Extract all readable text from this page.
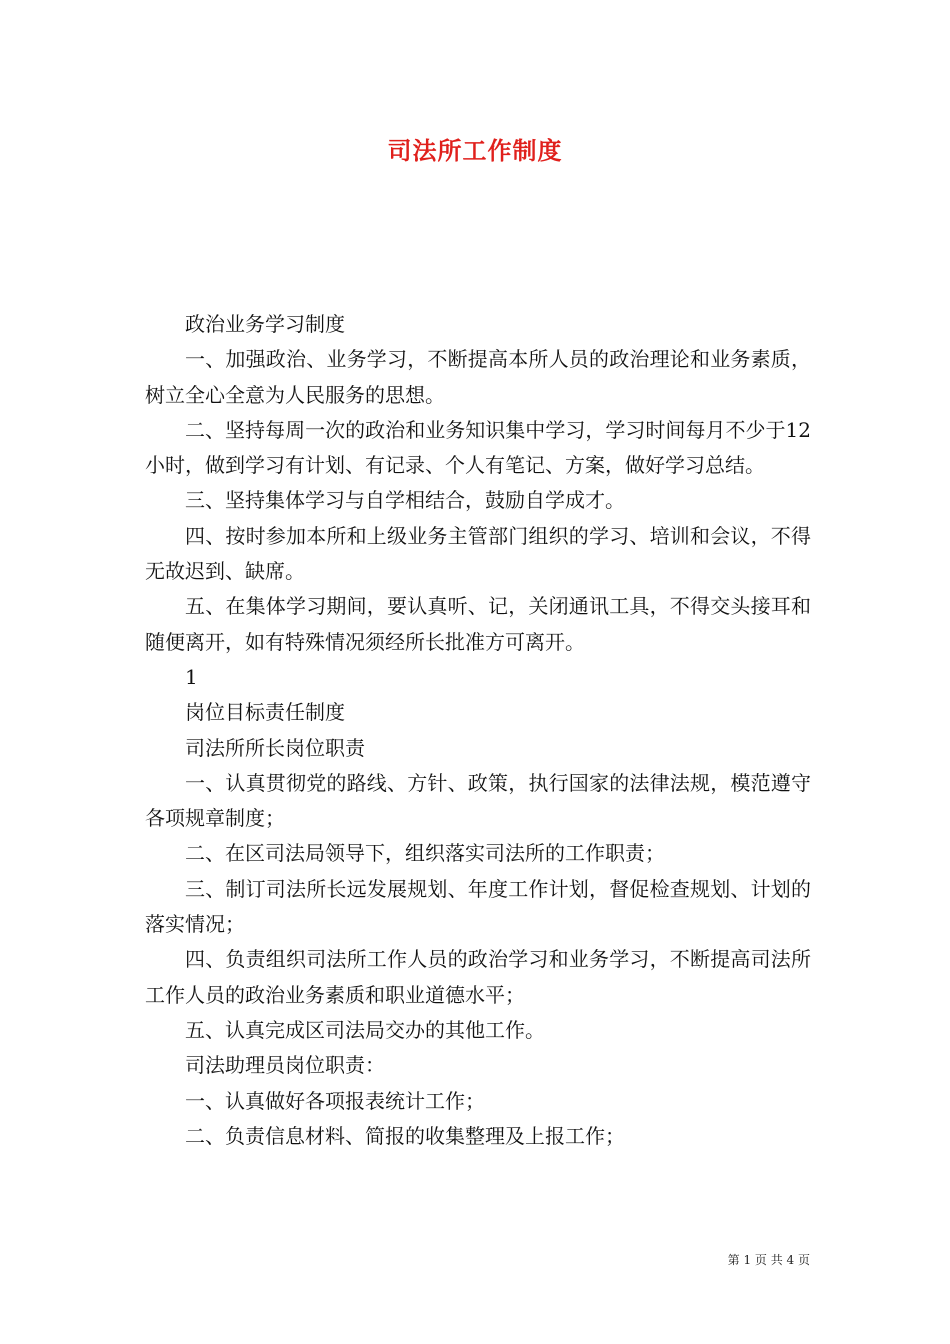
司法所工作制度

政治业务学习制度

一、加强政治、业务学习，不断提高本所人员的政治理论和业务素质，树立全心全意为人民服务的思想。

二、坚持每周一次的政治和业务知识集中学习，学习时间每月不少于12小时，做到学习有计划、有记录、个人有笔记、方案，做好学习总结。

三、坚持集体学习与自学相结合，鼓励自学成才。

四、按时参加本所和上级业务主管部门组织的学习、培训和会议，不得无故迟到、缺席。

五、在集体学习期间，要认真听、记，关闭通讯工具，不得交头接耳和随便离开，如有特殊情况须经所长批准方可离开。

1

岗位目标责任制度

司法所所长岗位职责

一、认真贯彻党的路线、方针、政策，执行国家的法律法规，模范遵守各项规章制度；

二、在区司法局领导下，组织落实司法所的工作职责；

三、制订司法所长远发展规划、年度工作计划，督促检查规划、计划的落实情况；

四、负责组织司法所工作人员的政治学习和业务学习，不断提高司法所工作人员的政治业务素质和职业道德水平；

五、认真完成区司法局交办的其他工作。

司法助理员岗位职责：

一、认真做好各项报表统计工作；

二、负责信息材料、简报的收集整理及上报工作；

第 1 页 共 4 页
